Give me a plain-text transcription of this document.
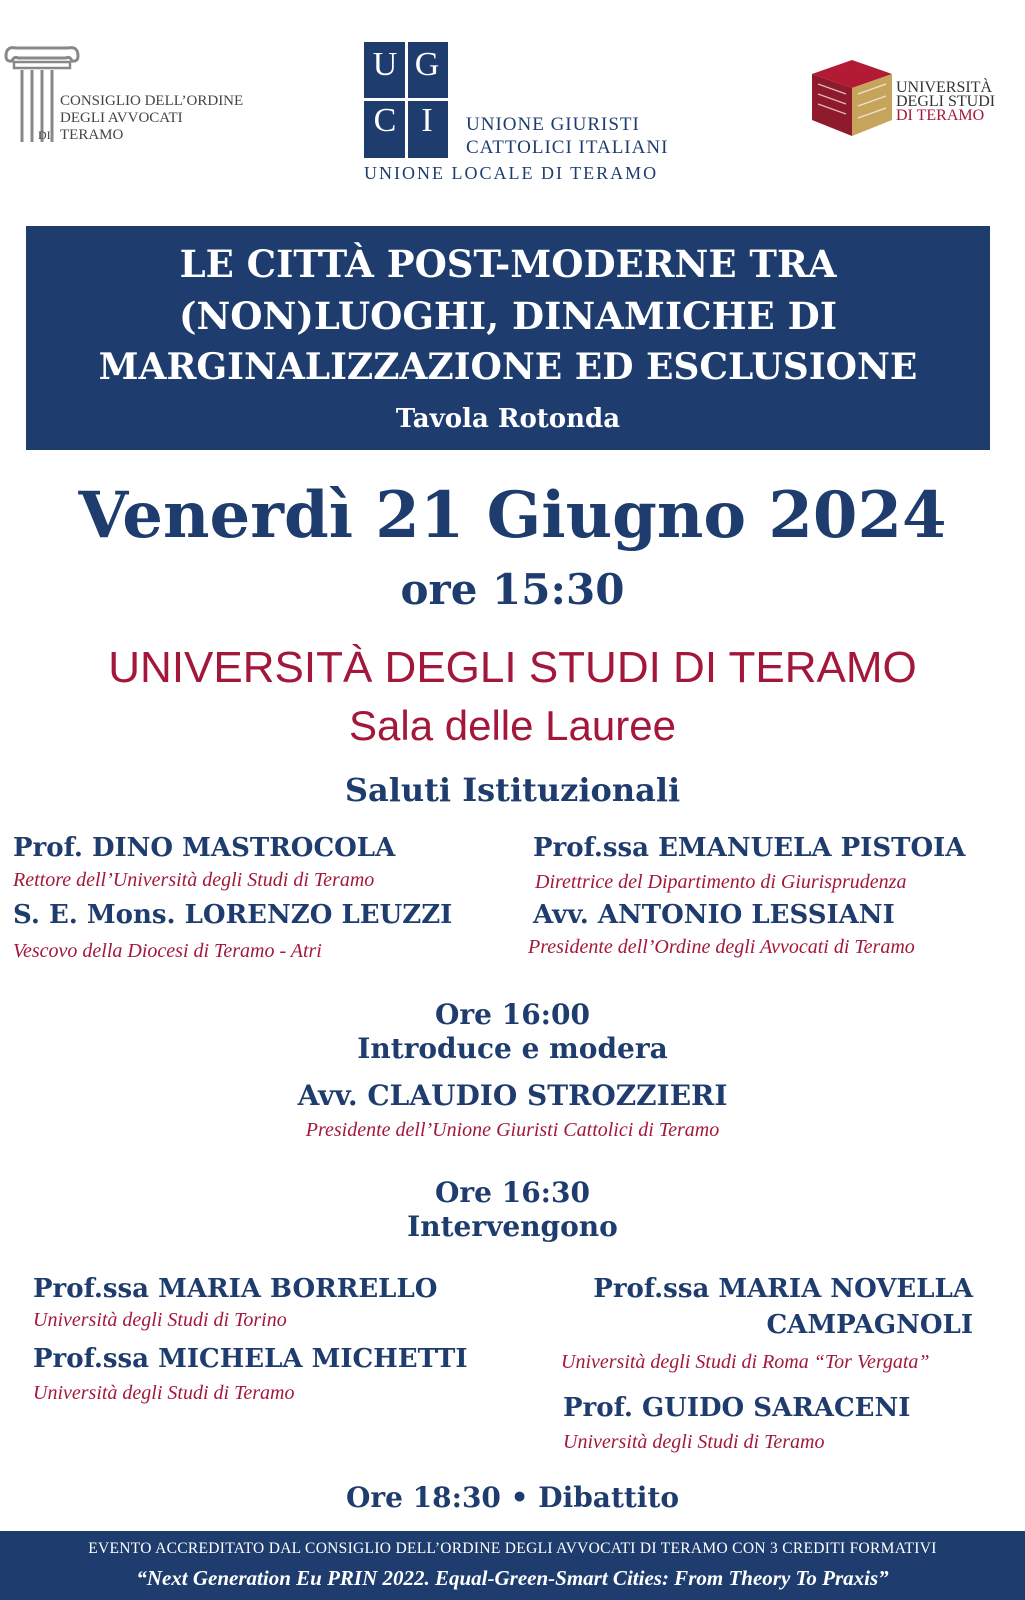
CONSIGLIO DELL’ORDINE
DEGLI AVVOCATI
DI TERAMO
U G
C I	UNIONE GIURISTI
CATTOLICI ITALIANI
UNIONE LOCALE DI TERAMO
UNIVERSITÀ
DEGLI STUDI
DI TERAMO
LE CITTÀ POST-MODERNE TRA
(NON)LUOGHI, DINAMICHE DI
MARGINALIZZAZIONE ED ESCLUSIONE
Tavola Rotonda
Venerdì 21 Giugno 2024
ore 15:30
UNIVERSITÀ DEGLI STUDI DI TERAMO
Sala delle Lauree
Saluti Istituzionali
Prof. DINO MASTROCOLA
Rettore dell’Università degli Studi di Teramo
Prof.ssa EMANUELA PISTOIA
Direttrice del Dipartimento di Giurisprudenza
S. E. Mons. LORENZO LEUZZI
Vescovo della Diocesi di Teramo - Atri
Avv. ANTONIO LESSIANI
Presidente dell’Ordine degli Avvocati di Teramo
Ore 16:00
Introduce e modera
Avv. CLAUDIO STROZZIERI
Presidente dell’Unione Giuristi Cattolici di Teramo
Ore 16:30
Intervengono
Prof.ssa MARIA BORRELLO
Università degli Studi di Torino
Prof.ssa MICHELA MICHETTI
Università degli Studi di Teramo
Prof.ssa MARIA NOVELLA
CAMPAGNOLI
Università degli Studi di Roma “Tor Vergata”
Prof. GUIDO SARACENI
Università degli Studi di Teramo
Ore 18:30 • Dibattito
EVENTO ACCREDITATO DAL CONSIGLIO DELL’ORDINE DEGLI AVVOCATI DI TERAMO CON 3 CREDITI FORMATIVI
“Next Generation Eu PRIN 2022. Equal-Green-Smart Cities: From Theory To Praxis”
